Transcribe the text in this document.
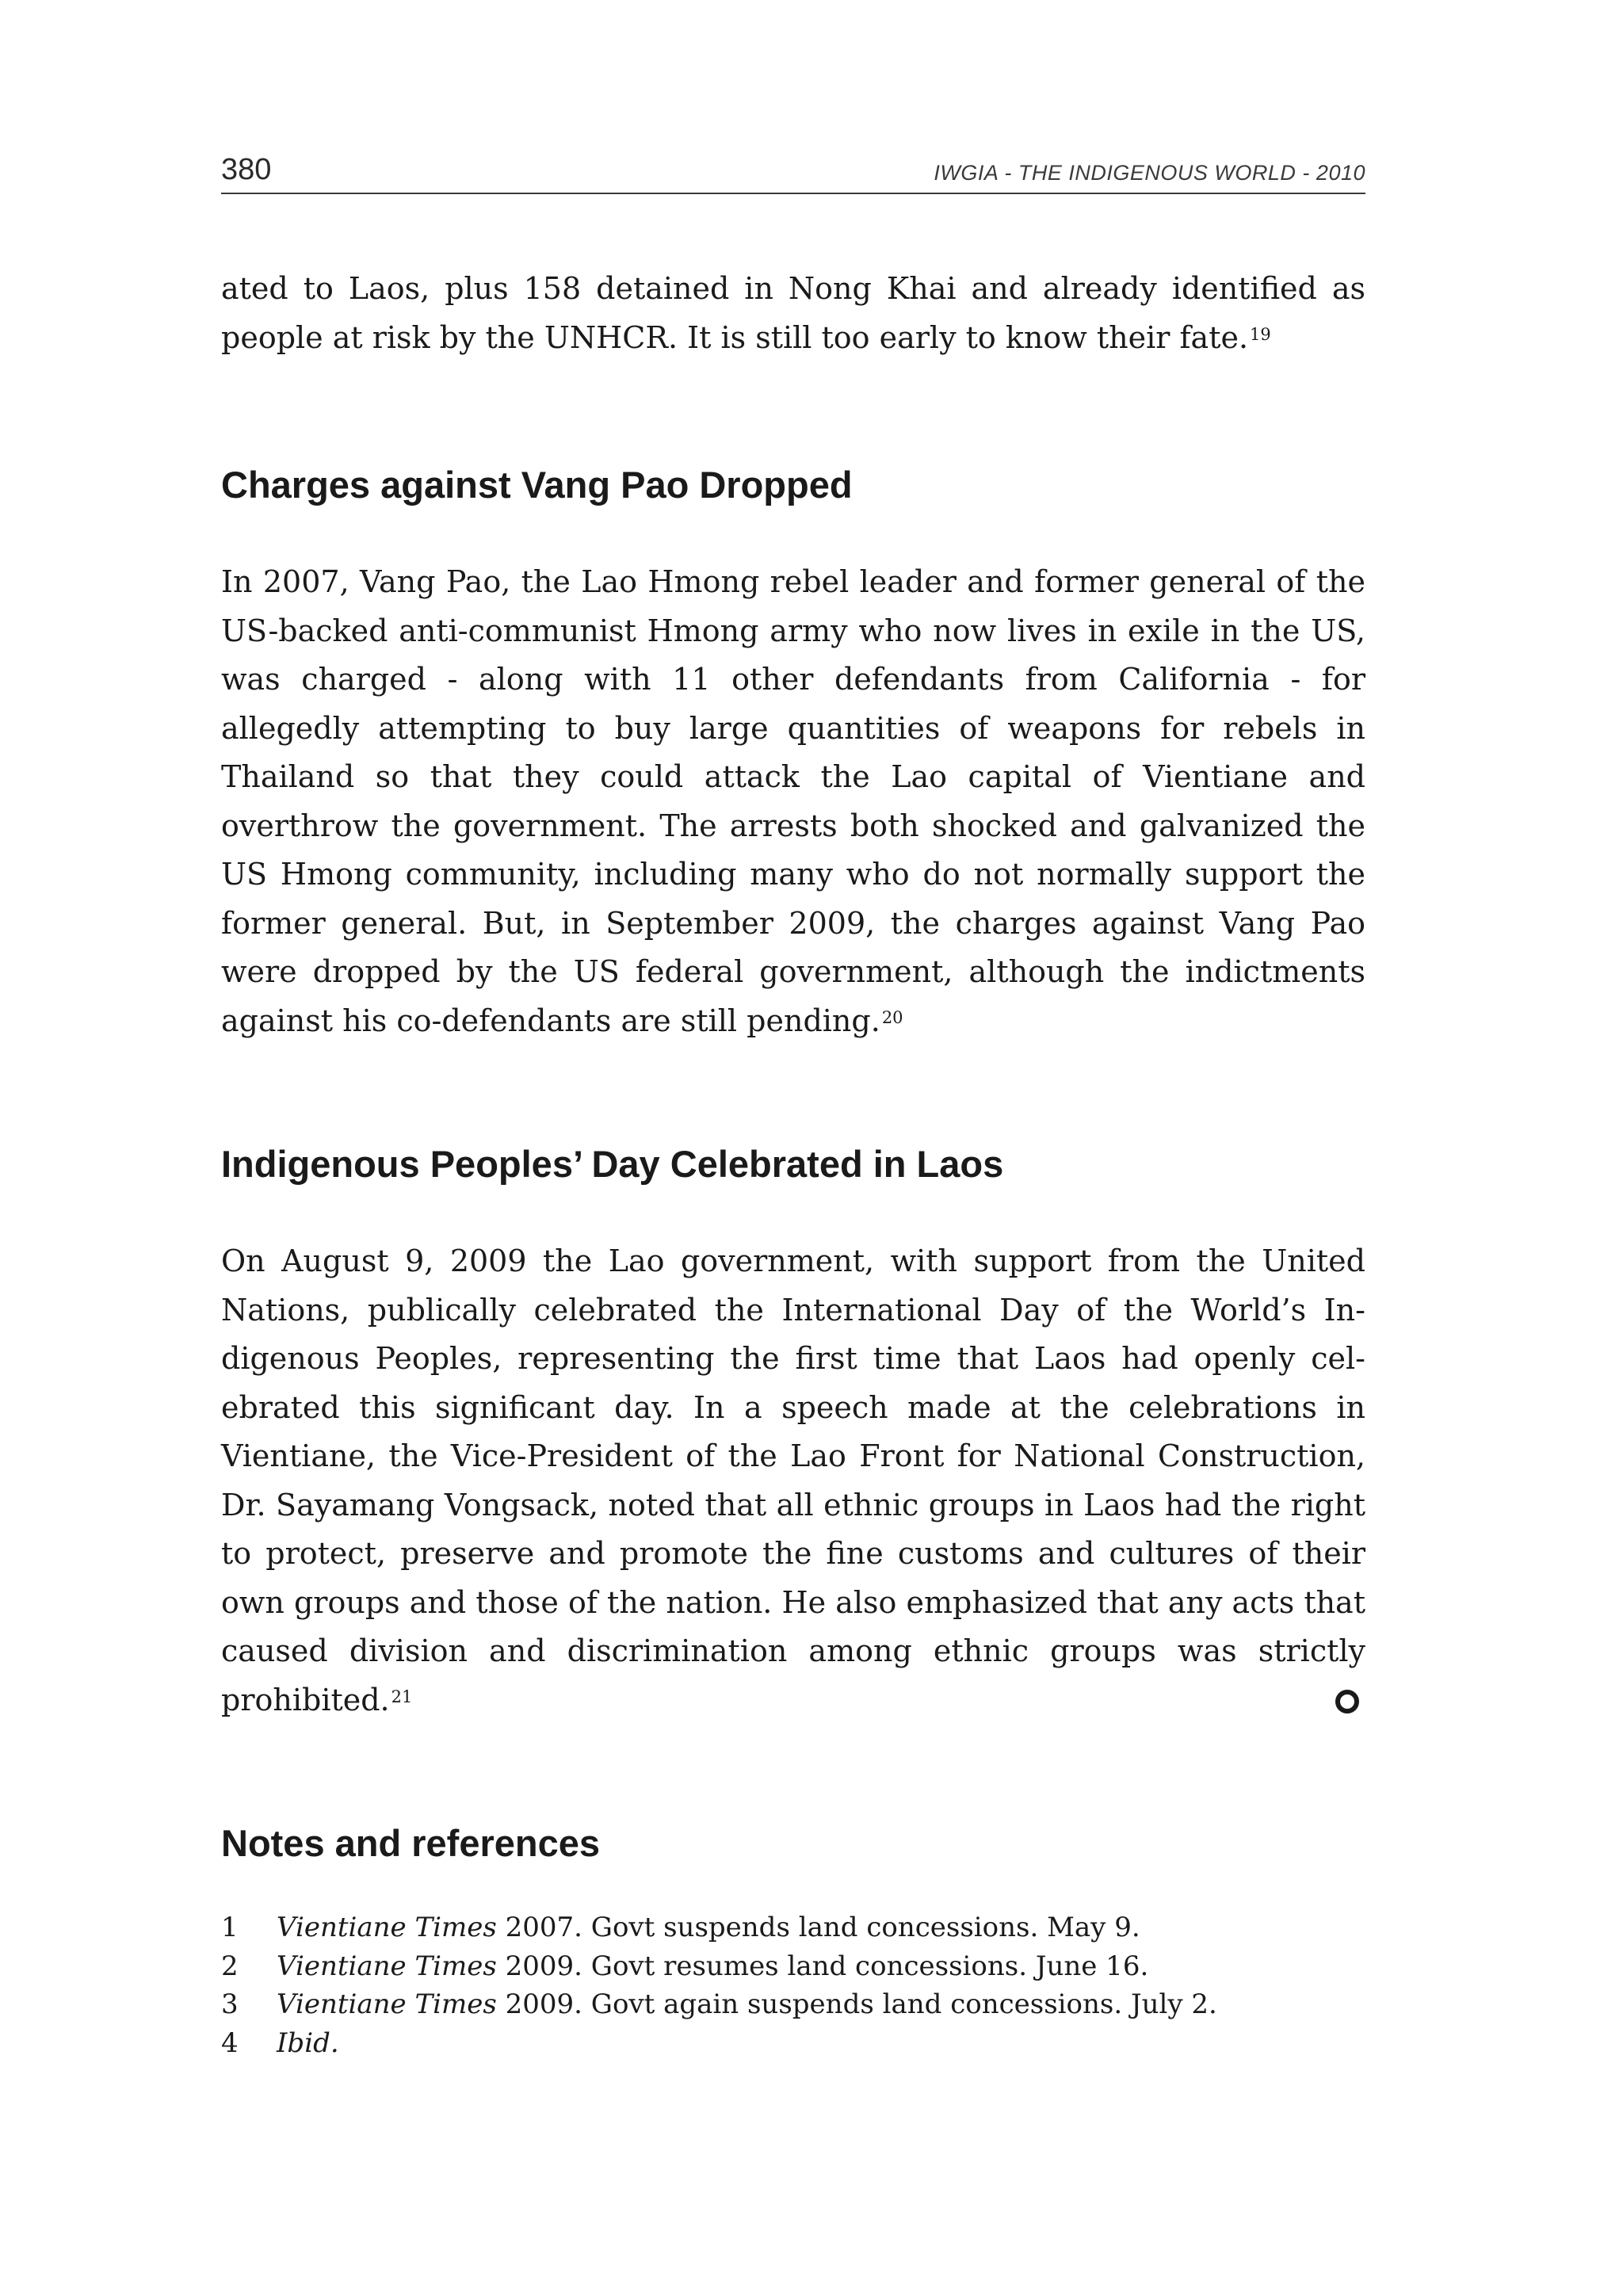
380	IWGIA - THE INDIGENOUS WORLD - 2010

ated to Laos, plus 158 detained in Nong Khai and already identified as people at risk by the UNHCR. It is still too early to know their fate.$^{19}$

Charges against Vang Pao Dropped

In 2007, Vang Pao, the Lao Hmong rebel leader and former general of the US-backed anti-communist Hmong army who now lives in exile in the US, was charged - along with 11 other defendants from California - for allegedly attempting to buy large quantities of weapons for rebels in Thailand so that they could attack the Lao capital of Vientiane and overthrow the government. The arrests both shocked and galvanized the US Hmong community, including many who do not normally support the former general. But, in September 2009, the charges against Vang Pao were dropped by the US federal government, although the indictments against his co-defendants are still pending.$^{20}$

Indigenous Peoples’ Day Celebrated in Laos

On August 9, 2009 the Lao government, with support from the United Nations, publically celebrated the International Day of the World’s Indigenous Peoples, representing the first time that Laos had openly celebrated this significant day. In a speech made at the celebrations in Vientiane, the Vice-President of the Lao Front for National Construction, Dr. Sayamang Vongsack, noted that all ethnic groups in Laos had the right to protect, preserve and promote the fine customs and cultures of their own groups and those of the nation. He also emphasized that any acts that caused division and discrimination among ethnic groups was strictly prohibited.$^{21}$

Notes and references
1	Vientiane Times 2007. Govt suspends land concessions. May 9.
2	Vientiane Times 2009. Govt resumes land concessions. June 16.
3	Vientiane Times 2009. Govt again suspends land concessions. July 2.
4	Ibid.
